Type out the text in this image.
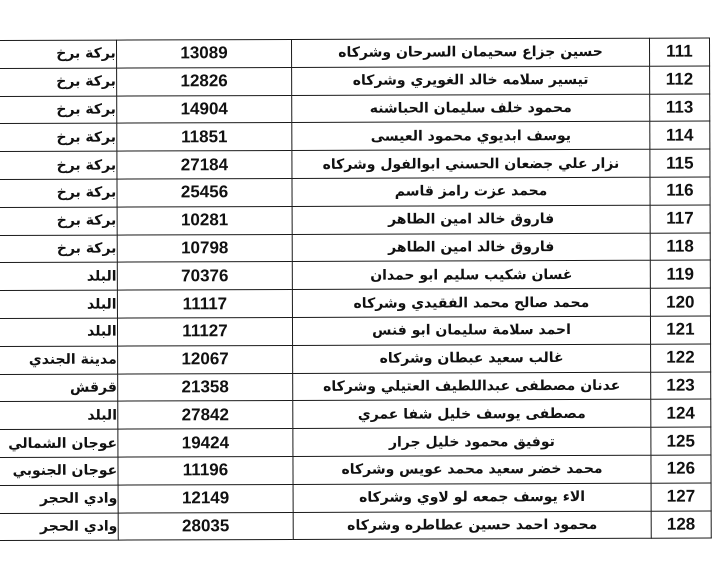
111	حسين جزاع سحيمان السرحان وشركاه	13089	بركة برخ
112	تيسير سلامه خالد الغويري وشركاه	12826	بركة برخ
113	محمود خلف سليمان الحباشنه	14904	بركة برخ
114	يوسف ابديوي محمود العيسى	11851	بركة برخ
115	نزار علي جضعان الحسني ابوالفول وشركاه	27184	بركة برخ
116	محمد عزت رامز قاسم	25456	بركة برخ
117	فاروق خالد امين الطاهر	10281	بركة برخ
118	فاروق خالد امين الطاهر	10798	بركة برخ
119	غسان شكيب سليم ابو حمدان	70376	البلد
120	محمد صالح محمد الفقيدي وشركاه	11117	البلد
121	احمد سلامة سليمان ابو فنس	11127	البلد
122	غالب سعيد عبطان وشركاه	12067	مدينة الجندي
123	عدنان مصطفى عبداللطيف العتيلي وشركاه	21358	قرقش
124	مصطفى يوسف خليل شفا عمري	27842	البلد
125	توفيق محمود خليل جرار	19424	عوجان الشمالي
126	محمد خضر سعيد محمد عويس وشركاه	11196	عوجان الجنوبي
127	الاء يوسف جمعه لو لاوي وشركاه	12149	وادي الحجر
128	محمود احمد حسين عطاطره وشركاه	28035	وادي الحجر
